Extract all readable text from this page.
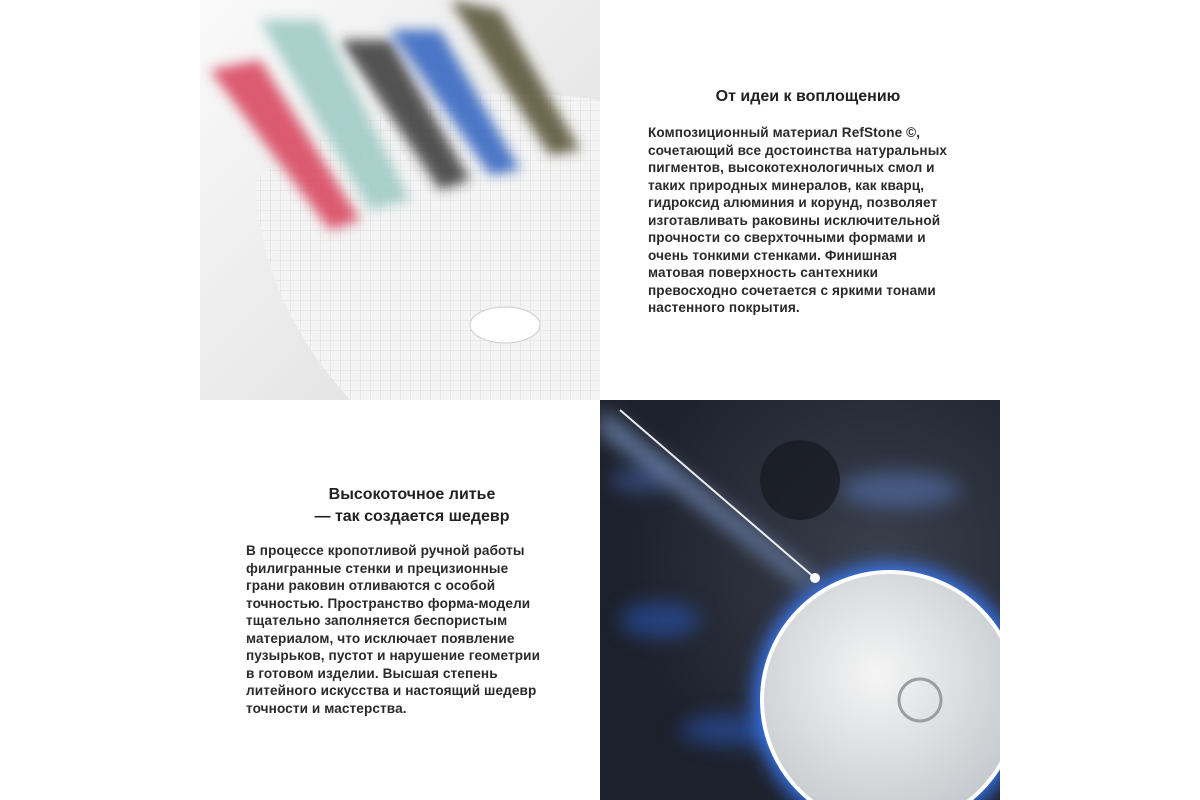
От идеи к воплощению
Композиционный материал RefStone ©,
сочетающий все достоинства натуральных
пигментов, высокотехнологичных смол и
таких природных минералов, как кварц,
гидроксид алюминия и корунд, позволяет
изготавливать раковины исключительной
прочности со сверхточными формами и
очень тонкими стенками. Финишная
матовая поверхность сантехники
превосходно сочетается с яркими тонами
настенного покрытия.
Высокоточное литье
— так создается шедевр
В процессе кропотливой ручной работы
филигранные стенки и прецизионные
грани раковин отливаются с особой
точностью. Пространство форма-модели
тщательно заполняется беспористым
материалом, что исключает появление
пузырьков, пустот и нарушение геометрии
в готовом изделии. Высшая степень
литейного искусства и настоящий шедевр
точности и мастерства.
